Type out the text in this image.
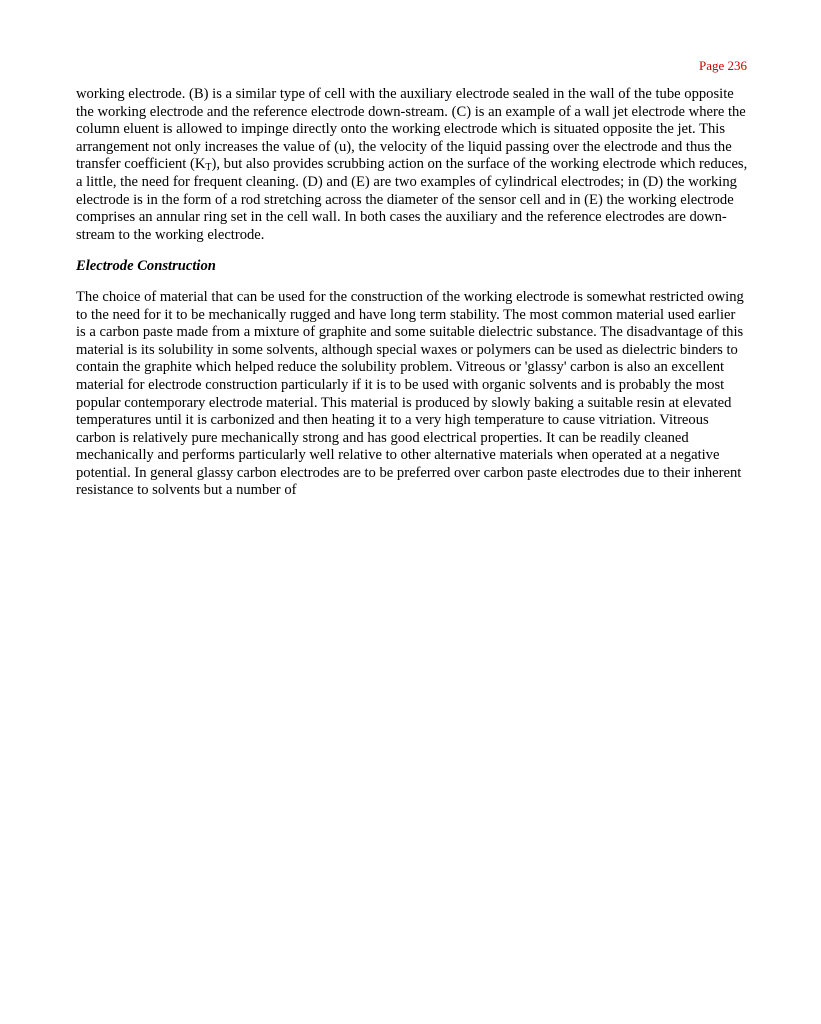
Page 236

working electrode. (B) is a similar type of cell with the auxiliary electrode sealed in the wall of the tube opposite the working electrode and the reference electrode down-stream. (C) is an example of a wall jet electrode where the column eluent is allowed to impinge directly onto the working electrode which is situated opposite the jet. This arrangement not only increases the value of (u), the velocity of the liquid passing over the electrode and thus the transfer coefficient $(K_T)$, but also provides scrubbing action on the surface of the working electrode which reduces, a little, the need for frequent cleaning. (D) and (E) are two examples of cylindrical electrodes; in (D) the working electrode is in the form of a rod stretching across the diameter of the sensor cell and in (E) the working electrode comprises an annular ring set in the cell wall. In both cases the auxiliary and the reference electrodes are down-stream to the working electrode.

Electrode Construction

The choice of material that can be used for the construction of the working electrode is somewhat restricted owing to the need for it to be mechanically rugged and have long term stability. The most common material used earlier is a carbon paste made from a mixture of graphite and some suitable dielectric substance. The disadvantage of this material is its solubility in some solvents, although special waxes or polymers can be used as dielectric binders to contain the graphite which helped reduce the solubility problem. Vitreous or 'glassy' carbon is also an excellent material for electrode construction particularly if it is to be used with organic solvents and is probably the most popular contemporary electrode material. This material is produced by slowly baking a suitable resin at elevated temperatures until it is carbonized and then heating it to a very high temperature to cause vitriation. Vitreous carbon is relatively pure mechanically strong and has good electrical properties. It can be readily cleaned mechanically and performs particularly well relative to other alternative materials when operated at a negative potential. In general glassy carbon electrodes are to be preferred over carbon paste electrodes due to their inherent resistance to solvents but a number of
